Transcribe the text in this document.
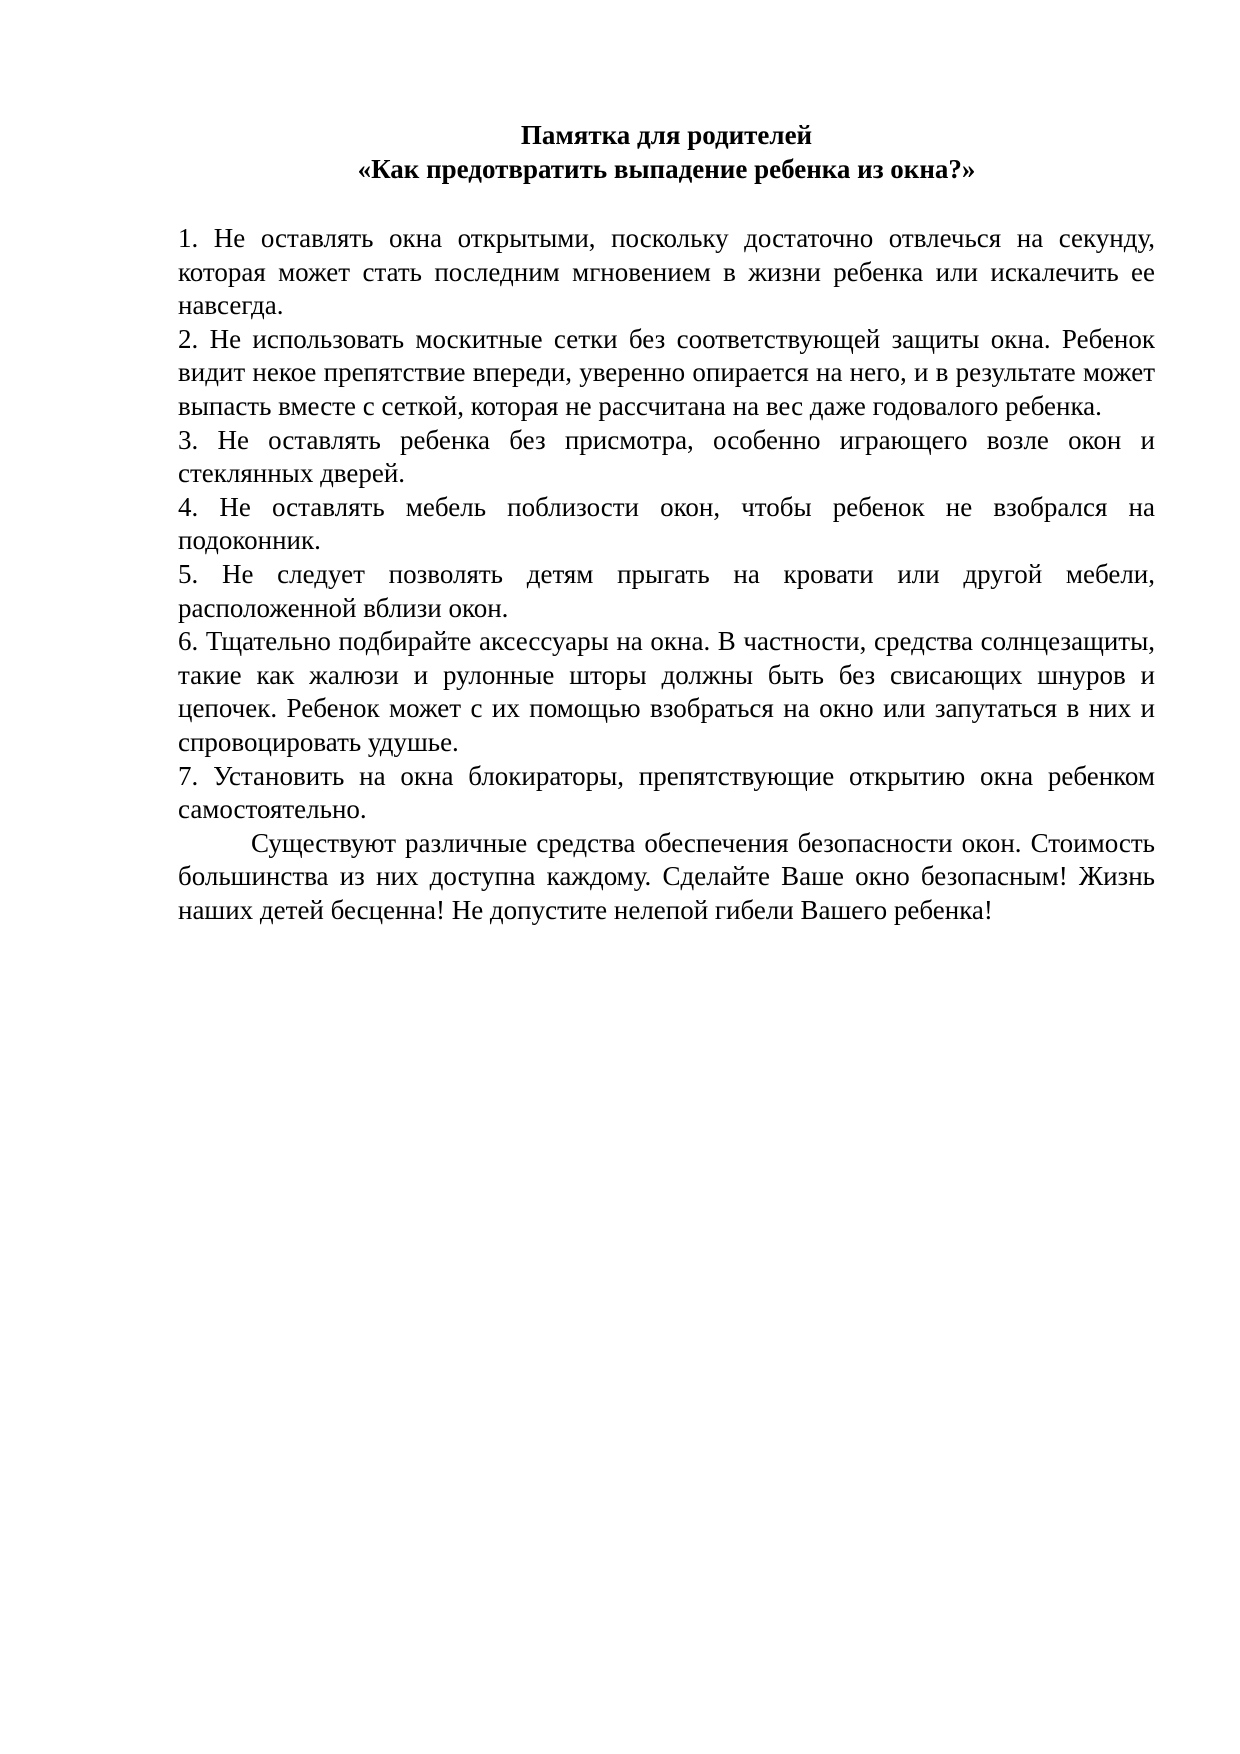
Памятка для родителей
«Как предотвратить выпадение ребенка из окна?»

1. Не оставлять окна открытыми, поскольку достаточно отвлечься на секунду, которая может стать последним мгновением в жизни ребенка или искалечить ее навсегда.

2. Не использовать москитные сетки без соответствующей защиты окна. Ребенок видит некое препятствие впереди, уверенно опирается на него, и в результате может выпасть вместе с сеткой, которая не рассчитана на вес даже годовалого ребенка.

3. Не оставлять ребенка без присмотра, особенно играющего возле окон и стеклянных дверей.

4. Не оставлять мебель поблизости окон, чтобы ребенок не взобрался на подоконник.

5. Не следует позволять детям прыгать на кровати или другой мебели, расположенной вблизи окон.

6. Тщательно подбирайте аксессуары на окна. В частности, средства солнцезащиты, такие как жалюзи и рулонные шторы должны быть без свисающих шнуров и цепочек. Ребенок может с их помощью взобраться на окно или запутаться в них и спровоцировать удушье.

7. Установить на окна блокираторы, препятствующие открытию окна ребенком самостоятельно.

Существуют различные средства обеспечения безопасности окон. Стоимость большинства из них доступна каждому. Сделайте Ваше окно безопасным! Жизнь наших детей бесценна! Не допустите нелепой гибели Вашего ребенка!
